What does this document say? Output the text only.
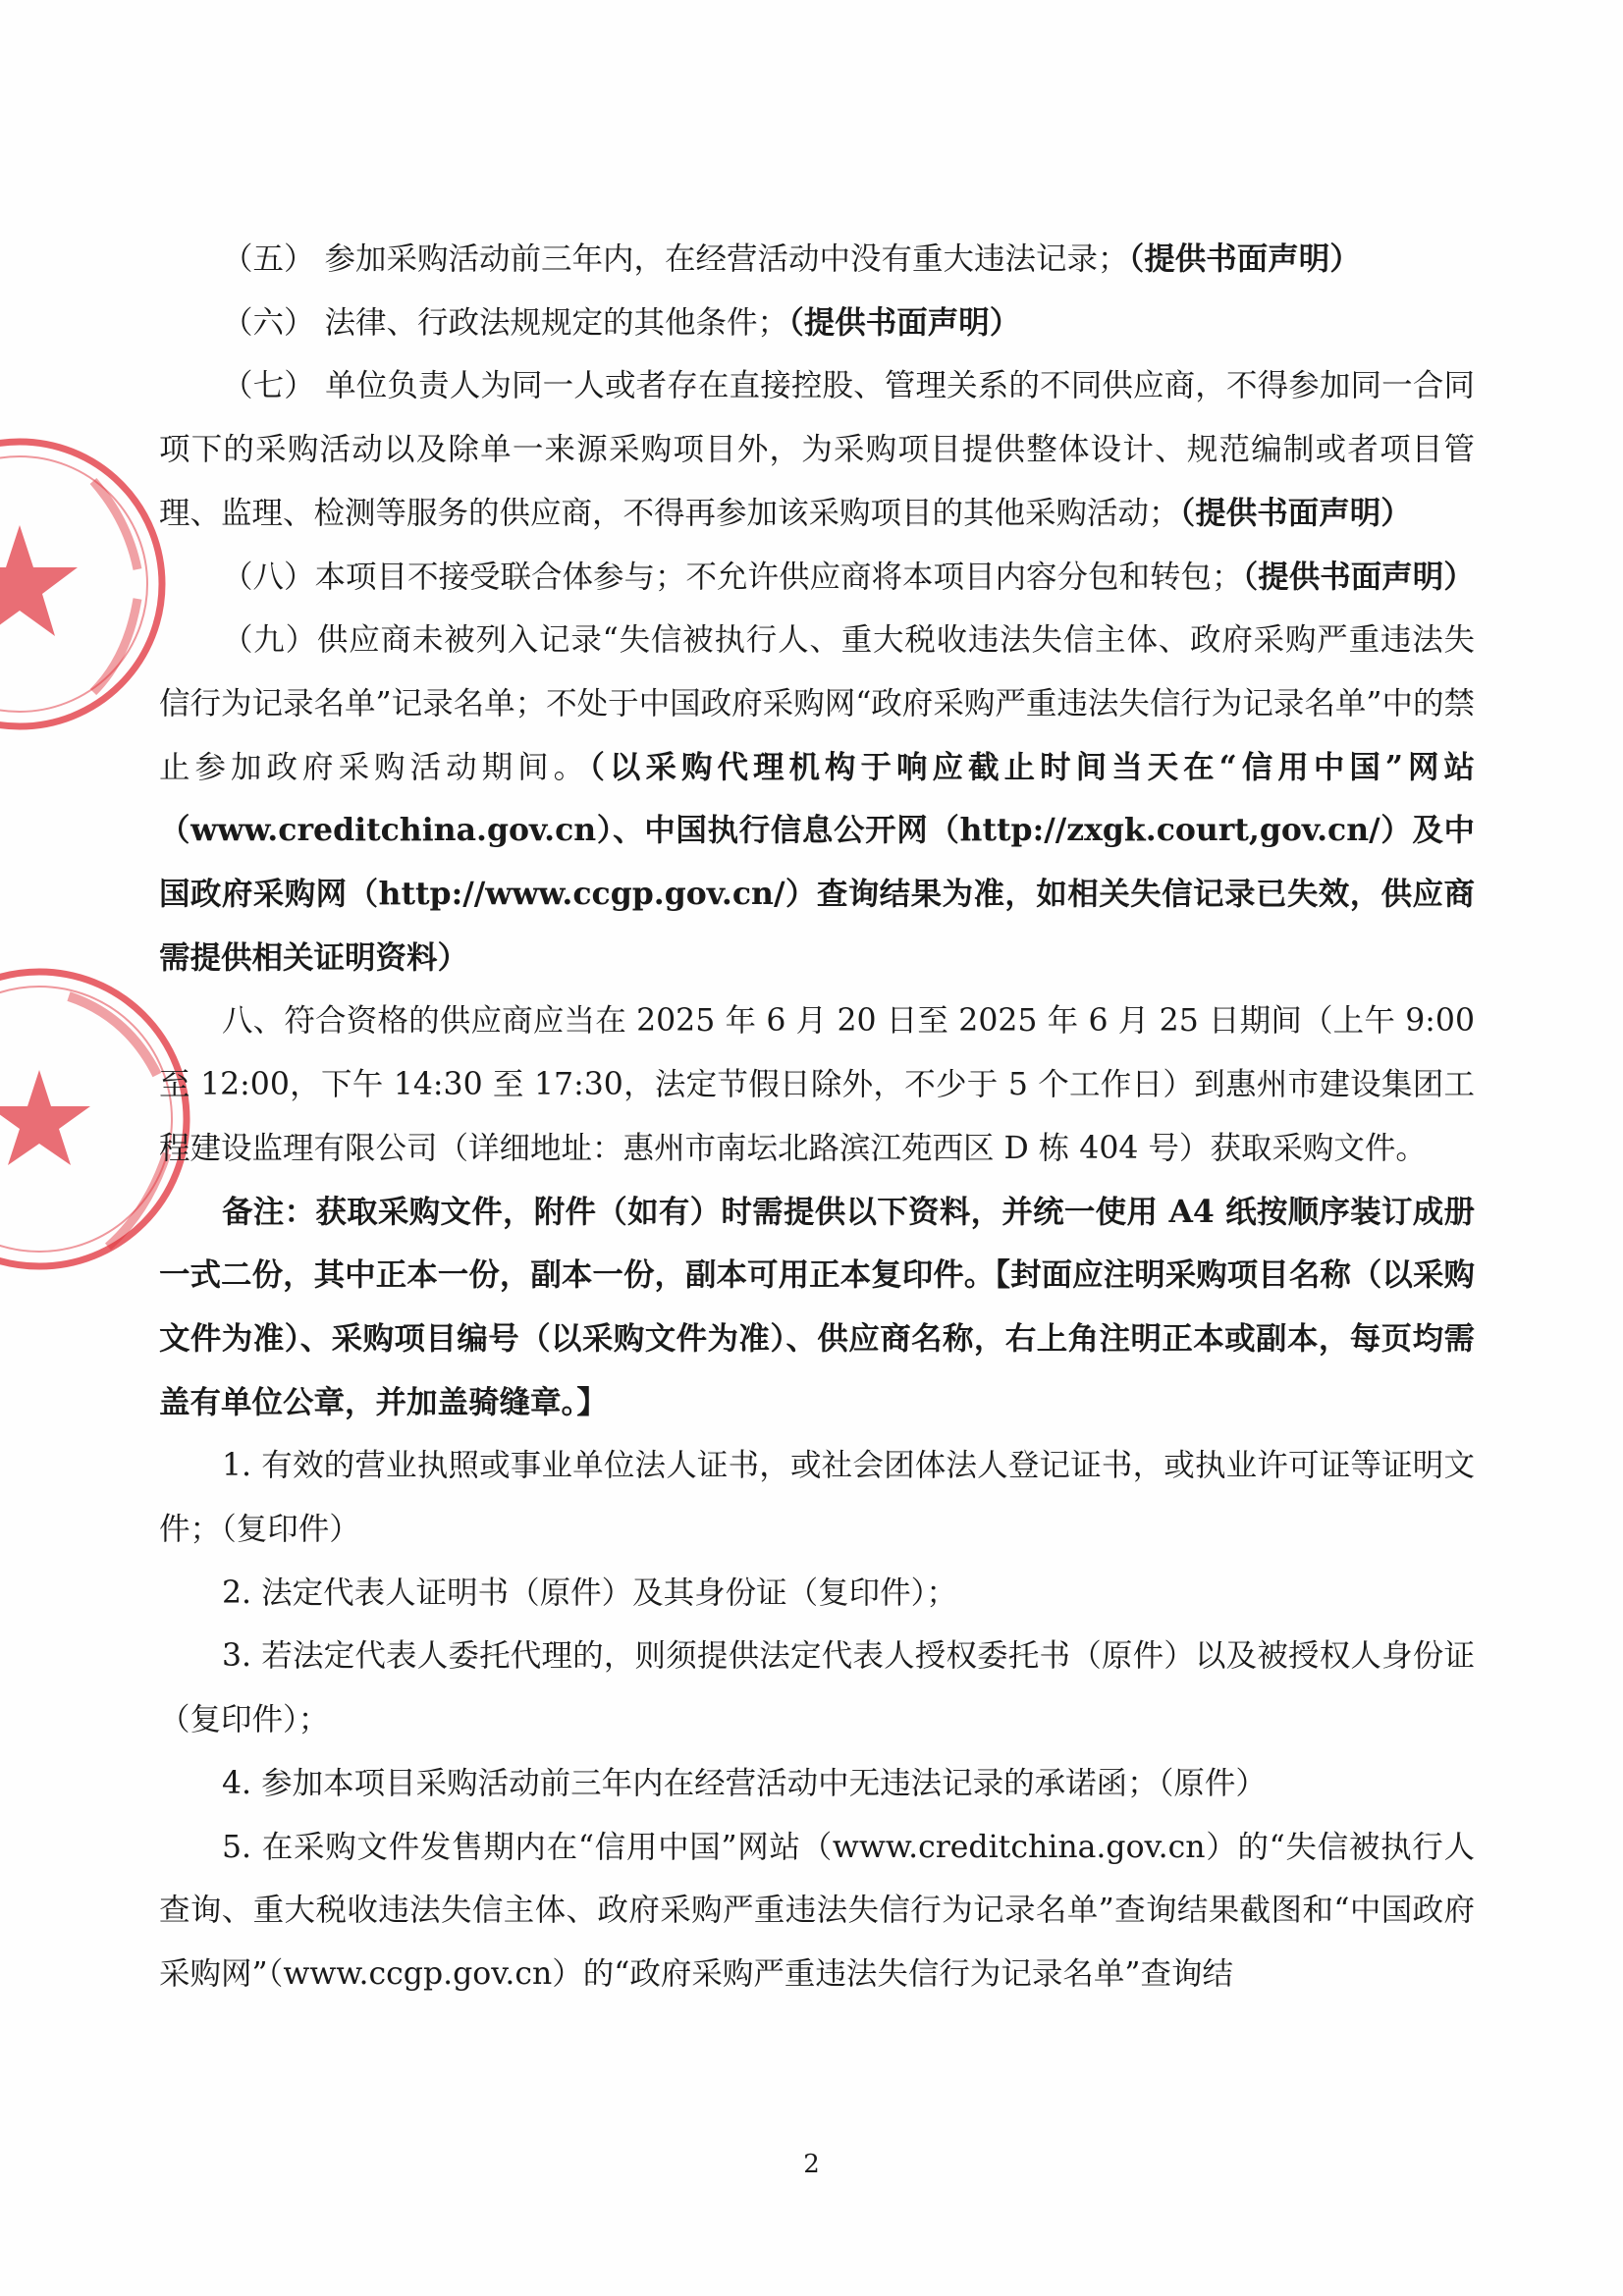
（五） 参加采购活动前三年内，在经营活动中没有重大违法记录；（提供书面声明）

（六） 法律、行政法规规定的其他条件；（提供书面声明）

（七） 单位负责人为同一人或者存在直接控股、管理关系的不同供应商，不得参加同一合同项下的采购活动以及除单一来源采购项目外，为采购项目提供整体设计、规范编制或者项目管理、监理、检测等服务的供应商，不得再参加该采购项目的其他采购活动；（提供书面声明）

（八）本项目不接受联合体参与；不允许供应商将本项目内容分包和转包；（提供书面声明）

（九）供应商未被列入记录“失信被执行人、重大税收违法失信主体、政府采购严重违法失信行为记录名单”记录名单；不处于中国政府采购网“政府采购严重违法失信行为记录名单”中的禁止参加政府采购活动期间。（以采购代理机构于响应截止时间当天在“信用中国”网站（www.creditchina.gov.cn）、中国执行信息公开网（http://zxgk.court,gov.cn/）及中国政府采购网（http://www.ccgp.gov.cn/）查询结果为准，如相关失信记录已失效，供应商需提供相关证明资料）

八、符合资格的供应商应当在 2025 年 6 月 20 日至 2025 年 6 月 25 日期间（上午 9:00 至 12:00，下午 14:30 至 17:30，法定节假日除外，不少于 5 个工作日）到惠州市建设集团工程建设监理有限公司（详细地址：惠州市南坛北路滨江苑西区 D 栋 404 号）获取采购文件。

备注：获取采购文件，附件（如有）时需提供以下资料，并统一使用 A4 纸按顺序装订成册一式二份，其中正本一份，副本一份，副本可用正本复印件。【封面应注明采购项目名称（以采购文件为准）、采购项目编号（以采购文件为准）、供应商名称，右上角注明正本或副本，每页均需盖有单位公章，并加盖骑缝章。】

1. 有效的营业执照或事业单位法人证书，或社会团体法人登记证书，或执业许可证等证明文件；（复印件）

2. 法定代表人证明书（原件）及其身份证（复印件）；

3. 若法定代表人委托代理的，则须提供法定代表人授权委托书（原件）以及被授权人身份证（复印件）；

4. 参加本项目采购活动前三年内在经营活动中无违法记录的承诺函；（原件）

5. 在采购文件发售期内在“信用中国”网站（www.creditchina.gov.cn）的“失信被执行人查询、重大税收违法失信主体、政府采购严重违法失信行为记录名单”查询结果截图和“中国政府采购网”（www.ccgp.gov.cn）的“政府采购严重违法失信行为记录名单”查询结

2
